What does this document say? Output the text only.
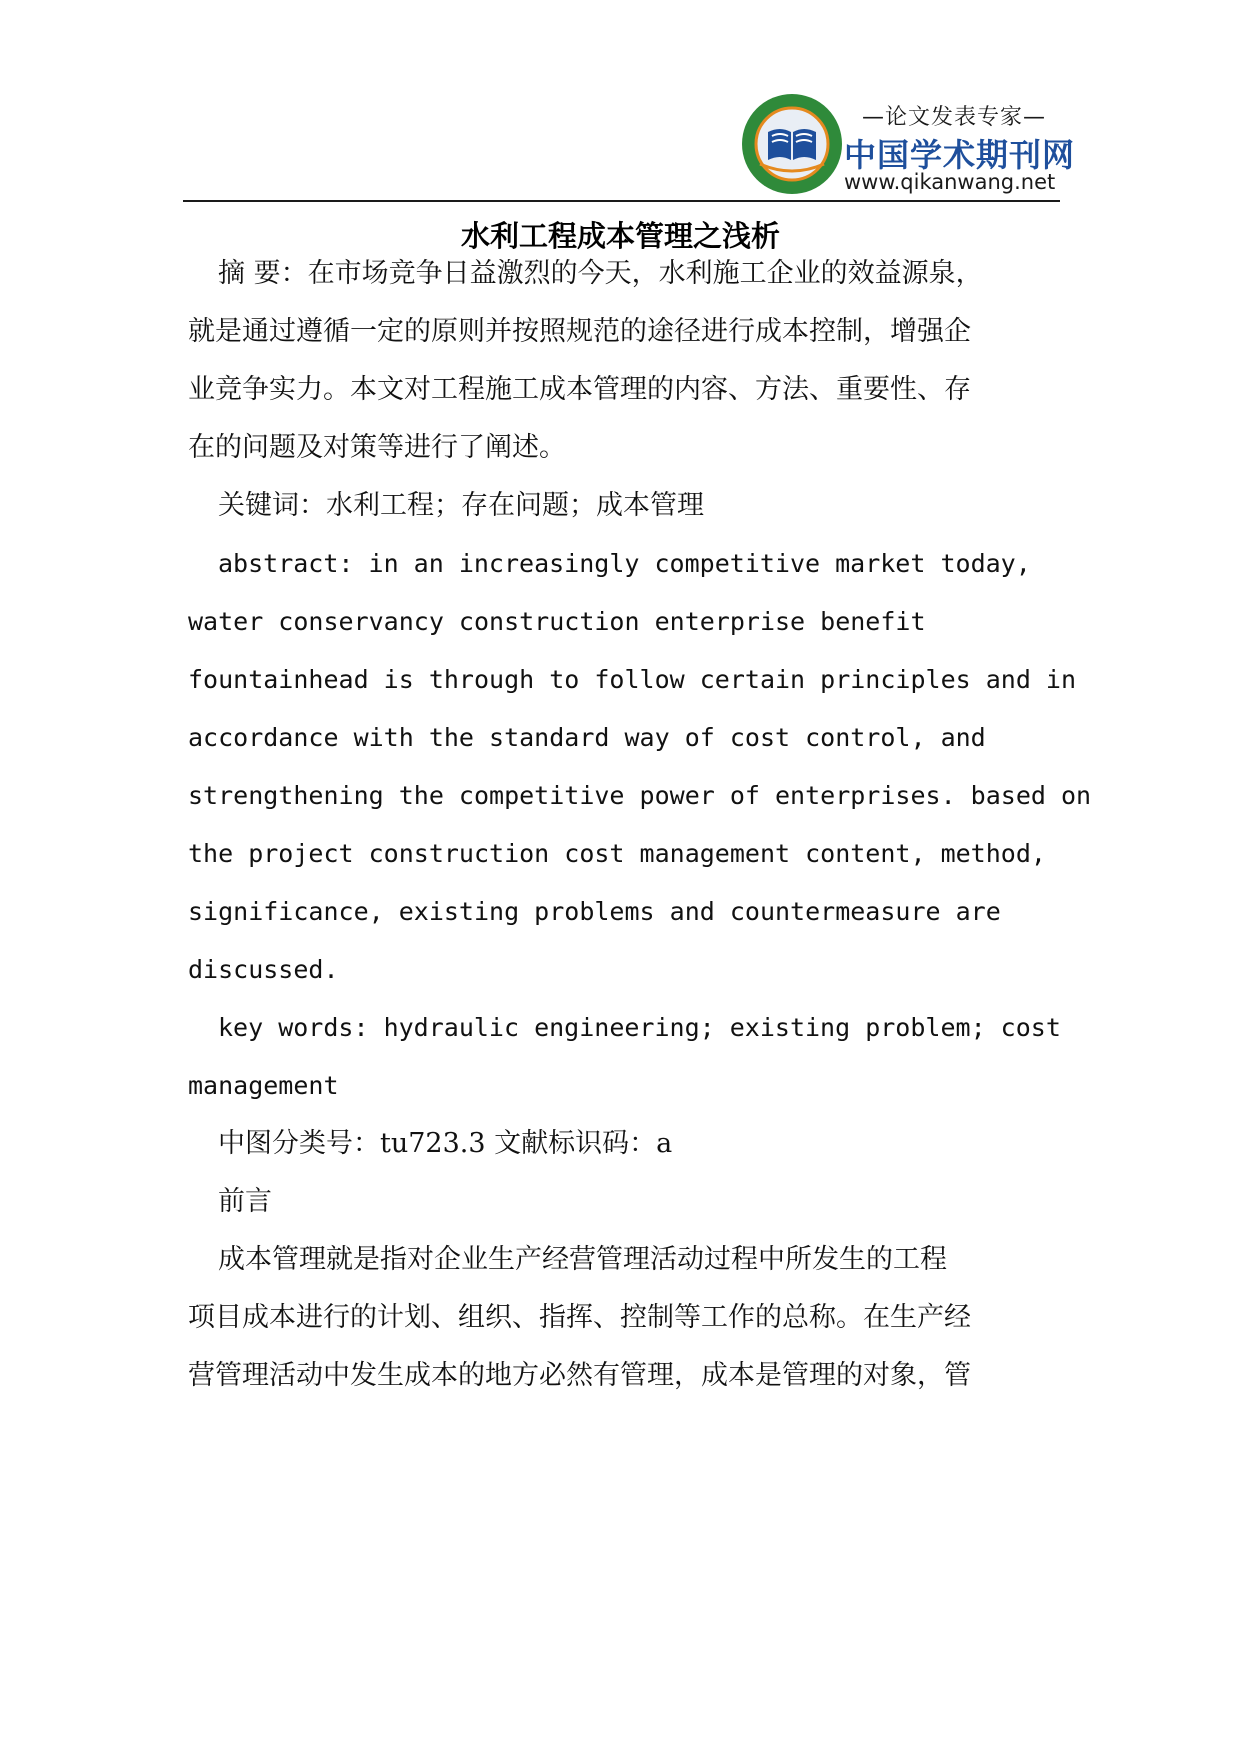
—论文发表专家—
中国学术期刊网
www.qikanwang.net
水利工程成本管理之浅析
摘 要：在市场竞争日益激烈的今天，水利施工企业的效益源泉，
就是通过遵循一定的原则并按照规范的途径进行成本控制，增强企
业竞争实力。本文对工程施工成本管理的内容、方法、重要性、存
在的问题及对策等进行了阐述。
关键词：水利工程；存在问题；成本管理
abstract: in an increasingly competitive market today,
water conservancy construction enterprise benefit
fountainhead is through to follow certain principles and in
accordance with the standard way of cost control, and
strengthening the competitive power of enterprises. based on
the project construction cost management content, method,
significance, existing problems and countermeasure are
discussed.
key words: hydraulic engineering; existing problem; cost
management
中图分类号：tu723.3 文献标识码：a
前言
成本管理就是指对企业生产经营管理活动过程中所发生的工程
项目成本进行的计划、组织、指挥、控制等工作的总称。在生产经
营管理活动中发生成本的地方必然有管理，成本是管理的对象，管
